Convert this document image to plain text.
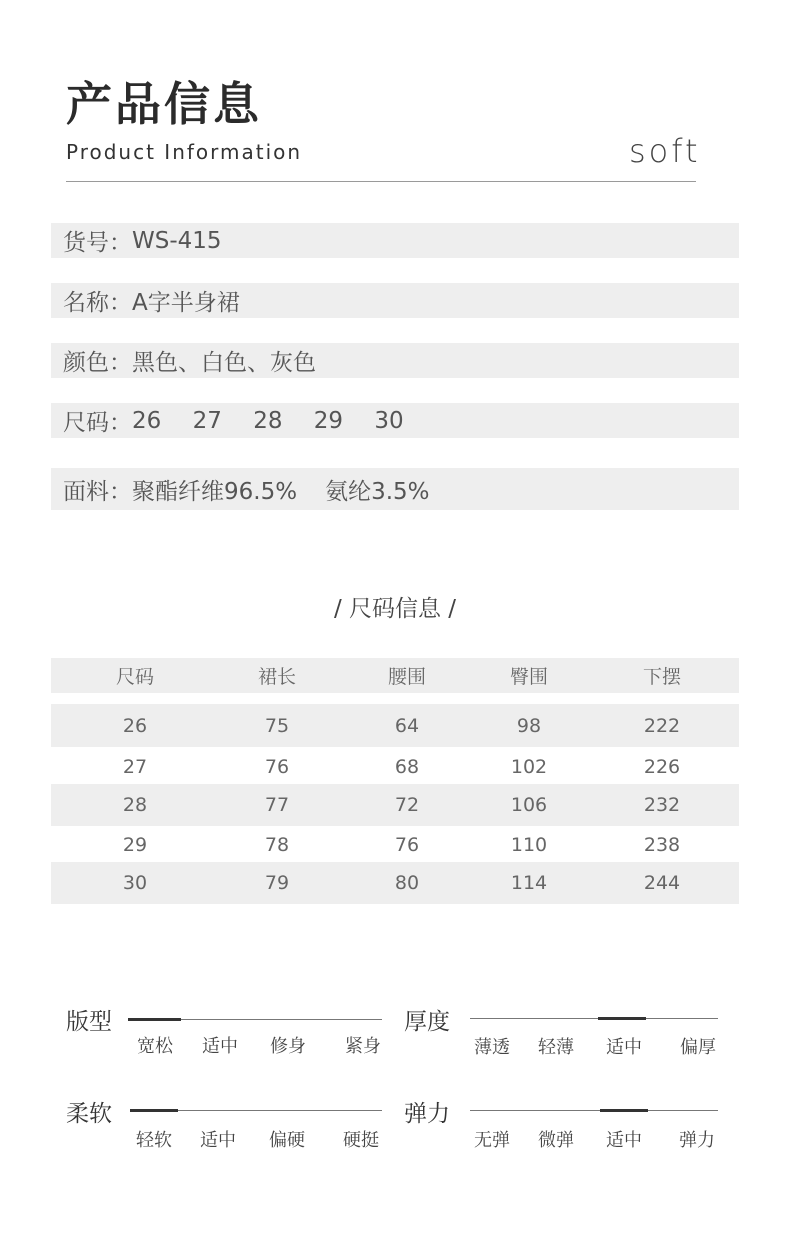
产品信息
Product Information	soft
货号： WS-415
名称： A字半身裙
颜色： 黑色、白色、灰色
尺码： 26 27 28 29 30
面料： 聚酯纤维96.5% 氨纶3.5%
/ 尺码信息 /
尺码	裙长	腰围	臀围	下摆
26	75	64	98	222
27	76	68	102	226
28	77	72	106	232
29	78	76	110	238
30	79	80	114	244
版型
宽松 适中 修身 紧身
厚度
薄透 轻薄 适中 偏厚
柔软
轻软 适中 偏硬 硬挺
弹力
无弹 微弹 适中 弹力
